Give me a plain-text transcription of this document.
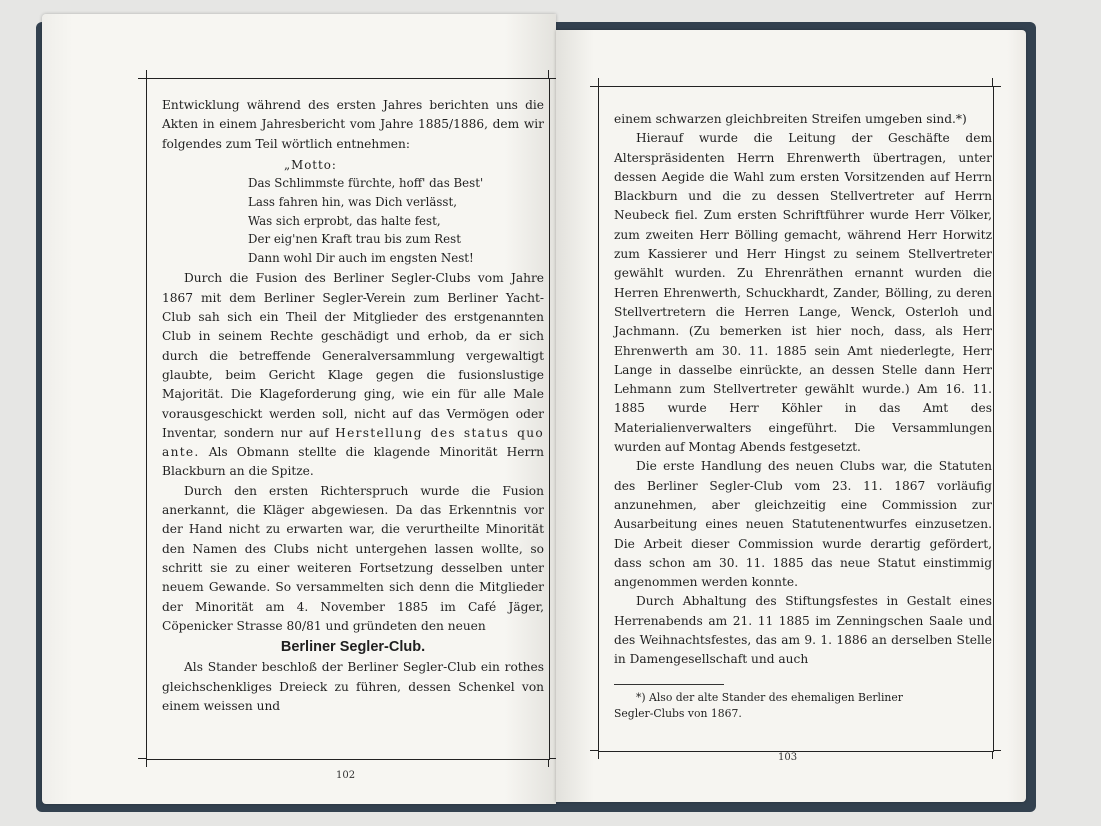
Entwicklung während des ersten Jahres berichten uns die Akten in einem Jahresbericht vom Jahre 1885/1886, dem wir folgendes zum Teil wörtlich entnehmen:

„Motto:
Das Schlimmste fürchte, hoff' das Best'
Lass fahren hin, was Dich verlässt,
Was sich erprobt, das halte fest,
Der eig'nen Kraft trau bis zum Rest
Dann wohl Dir auch im engsten Nest!

Durch die Fusion des Berliner Segler-Clubs vom Jahre 1867 mit dem Berliner Segler-Verein zum Berliner Yacht-Club sah sich ein Theil der Mitglieder des erstgenannten Club in seinem Rechte geschädigt und erhob, da er sich durch die betreffende Generalversammlung vergewaltigt glaubte, beim Gericht Klage gegen die fusionslustige Majorität. Die Klageforderung ging, wie ein für alle Male vorausgeschickt werden soll, nicht auf das Vermögen oder Inventar, sondern nur auf Herstellung des status quo ante. Als Obmann stellte die klagende Minorität Herrn Blackburn an die Spitze.

Durch den ersten Richterspruch wurde die Fusion anerkannt, die Kläger abgewiesen. Da das Erkenntnis vor der Hand nicht zu erwarten war, die verurtheilte Minorität den Namen des Clubs nicht untergehen lassen wollte, so schritt sie zu einer weiteren Fortsetzung desselben unter neuem Gewande. So versammelten sich denn die Mitglieder der Minorität am 4. November 1885 im Café Jäger, Cöpenicker Strasse 80/81 und gründeten den neuen

Berliner Segler-Club.

Als Stander beschloß der Berliner Segler-Club ein rothes gleichschenkliges Dreieck zu führen, dessen Schenkel von einem weissen und

102

einem schwarzen gleichbreiten Streifen umgeben sind.*)

Hierauf wurde die Leitung der Geschäfte dem Alterspräsidenten Herrn Ehrenwerth übertragen, unter dessen Aegide die Wahl zum ersten Vorsitzenden auf Herrn Blackburn und die zu dessen Stellvertreter auf Herrn Neubeck fiel. Zum ersten Schriftführer wurde Herr Völker, zum zweiten Herr Bölling gemacht, während Herr Horwitz zum Kassierer und Herr Hingst zu seinem Stellvertreter gewählt wurden. Zu Ehrenräthen ernannt wurden die Herren Ehrenwerth, Schuckhardt, Zander, Bölling, zu deren Stellvertretern die Herren Lange, Wenck, Osterloh und Jachmann. (Zu bemerken ist hier noch, dass, als Herr Ehrenwerth am 30. 11. 1885 sein Amt niederlegte, Herr Lange in dasselbe einrückte, an dessen Stelle dann Herr Lehmann zum Stellvertreter gewählt wurde.) Am 16. 11. 1885 wurde Herr Köhler in das Amt des Materialienverwalters eingeführt. Die Versammlungen wurden auf Montag Abends festgesetzt.

Die erste Handlung des neuen Clubs war, die Statuten des Berliner Segler-Club vom 23. 11. 1867 vorläufig anzunehmen, aber gleichzeitig eine Commission zur Ausarbeitung eines neuen Statutenentwurfes einzusetzen. Die Arbeit dieser Commission wurde derartig gefördert, dass schon am 30. 11. 1885 das neue Statut einstimmig angenommen werden konnte.

Durch Abhaltung des Stiftungsfestes in Gestalt eines Herrenabends am 21. 11 1885 im Zenningschen Saale und des Weihnachtsfestes, das am 9. 1. 1886 an derselben Stelle in Damengesellschaft und auch

*) Also der alte Stander des ehemaligen Berliner
Segler-Clubs von 1867.
103
